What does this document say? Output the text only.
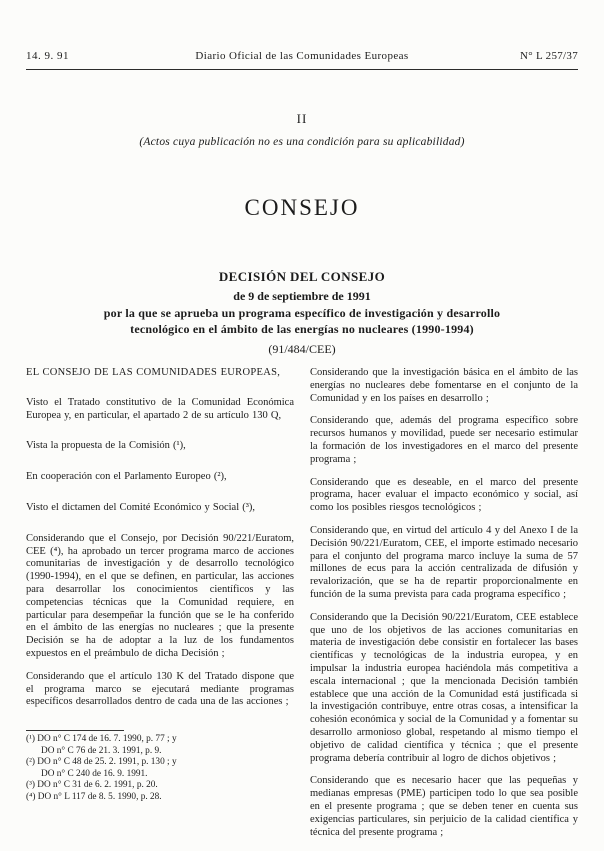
14. 9. 91	Diario Oficial de las Comunidades Europeas	N° L 257/37
II
(Actos cuya publicación no es una condición para su aplicabilidad)
CONSEJO
DECISIÓN DEL CONSEJO
de 9 de septiembre de 1991
por la que se aprueba un programa específico de investigación y desarrollo tecnológico en el ámbito de las energías no nucleares (1990-1994)
(91/484/CEE)

EL CONSEJO DE LAS COMUNIDADES EUROPEAS,

Visto el Tratado constitutivo de la Comunidad Económica Europea y, en particular, el apartado 2 de su artículo 130 Q,

Vista la propuesta de la Comisión (¹),

En cooperación con el Parlamento Europeo (²),

Visto el dictamen del Comité Económico y Social (³),

Considerando que el Consejo, por Decisión 90/221/Euratom, CEE (⁴), ha aprobado un tercer programa marco de acciones comunitarias de investigación y de desarrollo tecnológico (1990-1994), en el que se definen, en particular, las acciones para desarrollar los conocimientos científicos y las competencias técnicas que la Comunidad requiere, en particular para desempeñar la función que se le ha conferido en el ámbito de las energías no nucleares ; que la presente Decisión se ha de adoptar a la luz de los fundamentos expuestos en el preámbulo de dicha Decisión ;

Considerando que el artículo 130 K del Tratado dispone que el programa marco se ejecutará mediante programas específicos desarrollados dentro de cada una de las acciones ;

Considerando que la investigación básica en el ámbito de las energías no nucleares debe fomentarse en el conjunto de la Comunidad y en los países en desarrollo ;

Considerando que, además del programa específico sobre recursos humanos y movilidad, puede ser necesario estimular la formación de los investigadores en el marco del presente programa ;

Considerando que es deseable, en el marco del presente programa, hacer evaluar el impacto económico y social, así como los posibles riesgos tecnológicos ;

Considerando que, en virtud del artículo 4 y del Anexo I de la Decisión 90/221/Euratom, CEE, el importe estimado necesario para el conjunto del programa marco incluye la suma de 57 millones de ecus para la acción centralizada de difusión y revalorización, que se ha de repartir proporcionalmente en función de la suma prevista para cada programa específico ;

Considerando que la Decisión 90/221/Euratom, CEE establece que uno de los objetivos de las acciones comunitarias en materia de investigación debe consistir en fortalecer las bases científicas y tecnológicas de la industria europea, y en impulsar la industria europea haciéndola más competitiva a escala internacional ; que la mencionada Decisión también establece que una acción de la Comunidad está justificada si la investigación contribuye, entre otras cosas, a intensificar la cohesión económica y social de la Comunidad y a fomentar su desarrollo armonioso global, respetando al mismo tiempo el objetivo de calidad científica y técnica ; que el presente programa debería contribuir al logro de dichos objetivos ;

Considerando que es necesario hacer que las pequeñas y medianas empresas (PME) participen todo lo que sea posible en el presente programa ; que se deben tener en cuenta sus exigencias particulares, sin perjuicio de la calidad científica y técnica del presente programa ;

(¹) DO n° C 174 de 16. 7. 1990, p. 77 ; y
DO n° C 76 de 21. 3. 1991, p. 9.
(²) DO n° C 48 de 25. 2. 1991, p. 130 ; y
DO n° C 240 de 16. 9. 1991.
(³) DO n° C 31 de 6. 2. 1991, p. 20.
(⁴) DO n° L 117 de 8. 5. 1990, p. 28.
